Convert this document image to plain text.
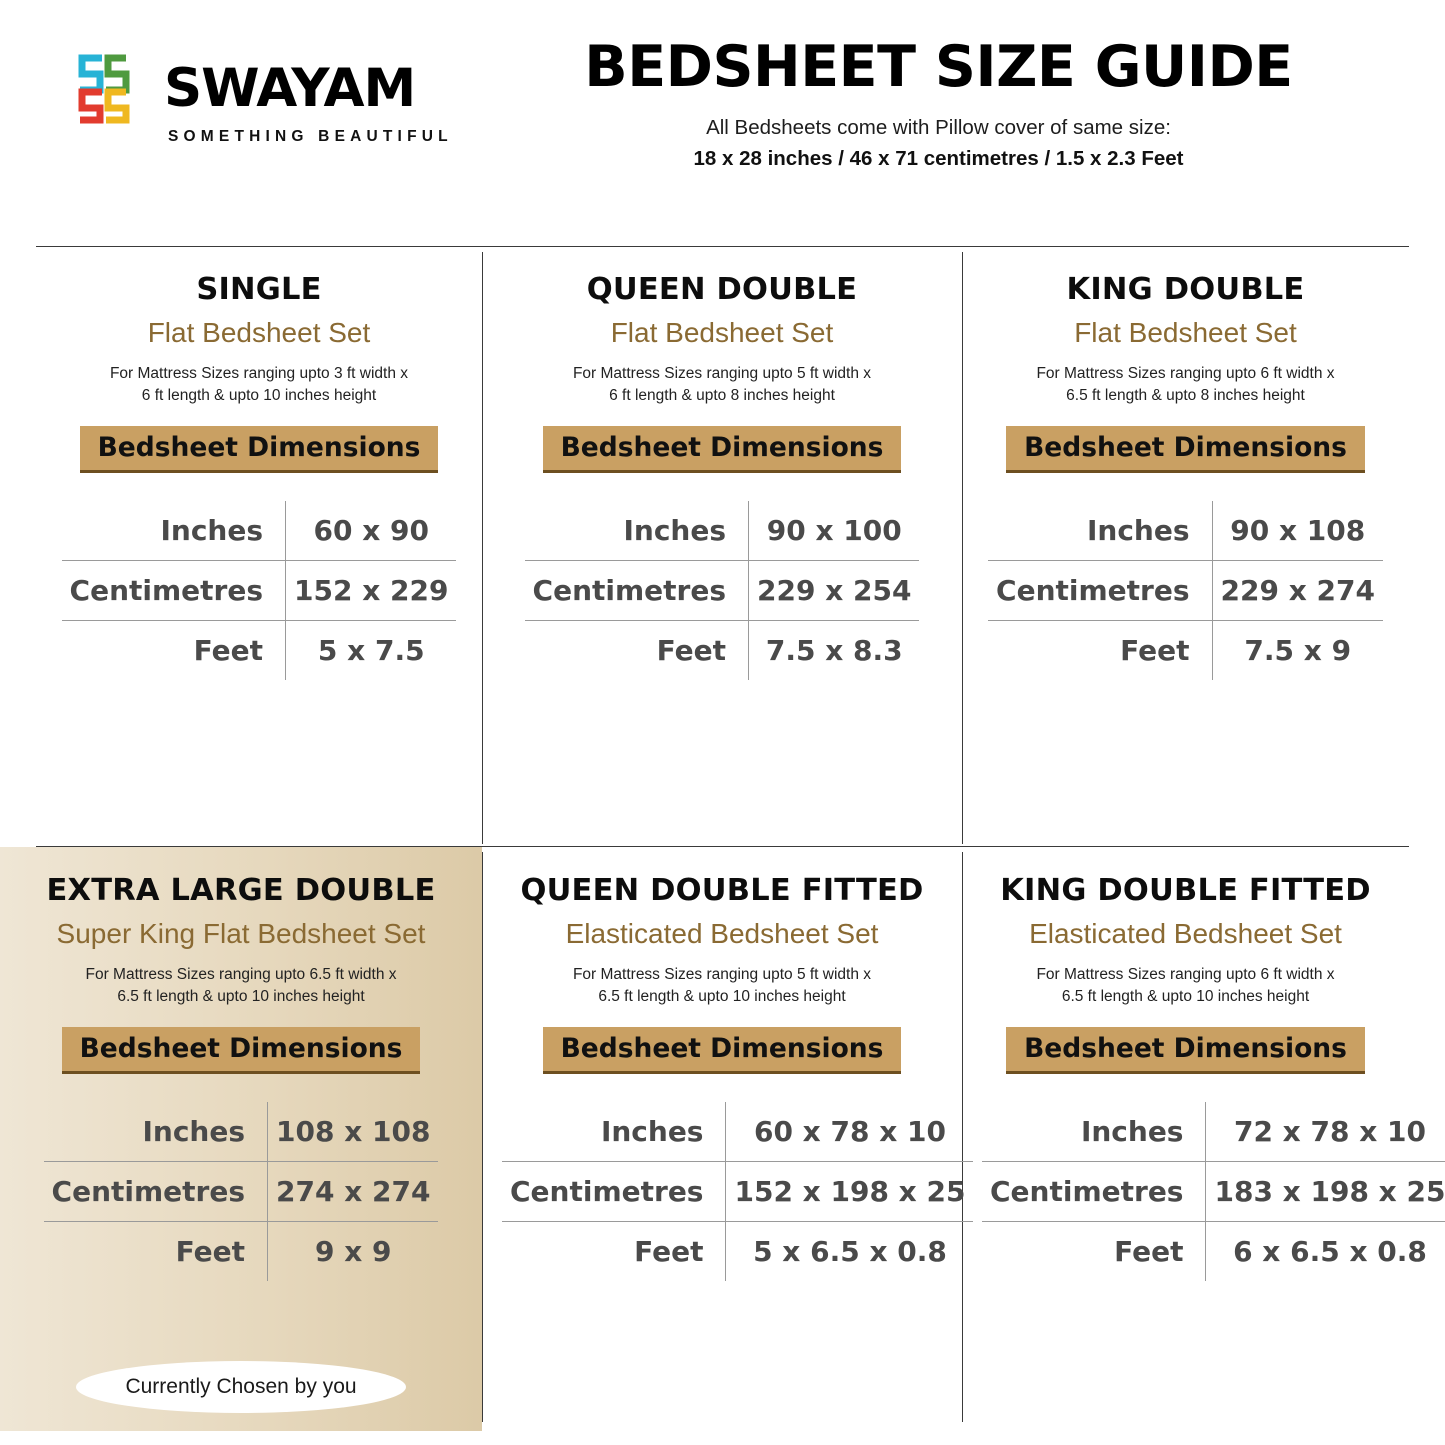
SWAYAM
SOMETHING BEAUTIFUL
BEDSHEET SIZE GUIDE
All Bedsheets come with Pillow cover of same size:
18 x 28 inches / 46 x 71 centimetres / 1.5 x 2.3 Feet
SINGLE
Flat Bedsheet Set
For Mattress Sizes ranging upto 3 ft width x
6 ft length & upto 10 inches height
Bedsheet Dimensions
Inches	60 x 90
Centimetres	152 x 229
Feet	5 x 7.5
QUEEN DOUBLE
Flat Bedsheet Set
For Mattress Sizes ranging upto 5 ft width x
6 ft length & upto 8 inches height
Bedsheet Dimensions
Inches	90 x 100
Centimetres	229 x 254
Feet	7.5 x 8.3
KING DOUBLE
Flat Bedsheet Set
For Mattress Sizes ranging upto 6 ft width x
6.5 ft length & upto 8 inches height
Bedsheet Dimensions
Inches	90 x 108
Centimetres	229 x 274
Feet	7.5 x 9
EXTRA LARGE DOUBLE
Super King Flat Bedsheet Set
For Mattress Sizes ranging upto 6.5 ft width x
6.5 ft length & upto 10 inches height
Bedsheet Dimensions
Inches	108 x 108
Centimetres	274 x 274
Feet	9 x 9
Currently Chosen by you
QUEEN DOUBLE FITTED
Elasticated Bedsheet Set
For Mattress Sizes ranging upto 5 ft width x
6.5 ft length & upto 10 inches height
Bedsheet Dimensions
Inches	60 x 78 x 10
Centimetres	152 x 198 x 25
Feet	5 x 6.5 x 0.8
KING DOUBLE FITTED
Elasticated Bedsheet Set
For Mattress Sizes ranging upto 6 ft width x
6.5 ft length & upto 10 inches height
Bedsheet Dimensions
Inches	72 x 78 x 10
Centimetres	183 x 198 x 25
Feet	6 x 6.5 x 0.8
